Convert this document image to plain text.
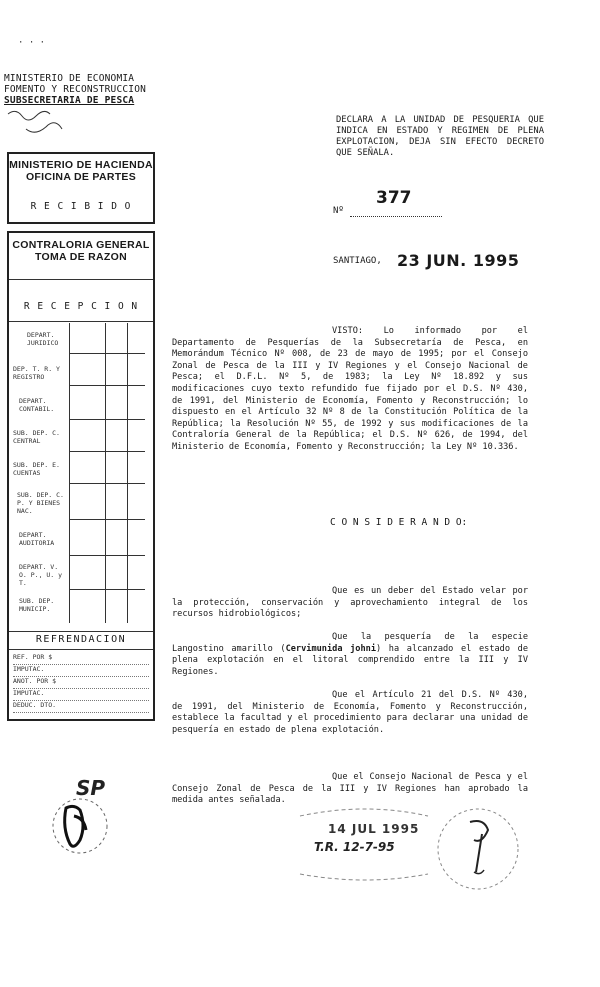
· · ·
MINISTERIO DE ECONOMIA
FOMENTO Y RECONSTRUCCION
SUBSECRETARIA DE PESCA
DECLARA A LA UNIDAD DE PESQUERIA QUE INDICA EN ESTADO Y REGIMEN DE PLENA EXPLOTACION, DEJA SIN EFECTO DECRETO QUE SEÑALA.
Nº
377
SANTIAGO, 23 JUN. 1995
MINISTERIO DE HACIENDA
OFICINA DE PARTES
R E C I B I D O
CONTRALORIA GENERAL
TOMA DE RAZON
R E C E P C I O N
DEPART. JURIDICO
DEP. T. R. Y REGISTRO
DEPART. CONTABIL.
SUB. DEP. C. CENTRAL
SUB. DEP. E. CUENTAS
SUB. DEP. C. P. Y BIENES NAC.
DEPART. AUDITORIA
DEPART. V. O. P., U. y T.
SUB. DEP. MUNICIP.
REFRENDACION
REF. POR $
IMPUTAC.
ANOT. POR $
IMPUTAC.
DEDUC. DTO.
VISTO: Lo informado por el Departamento de Pesquerías de la Subsecretaría de Pesca, en Memorándum Técnico Nº 008, de 23 de mayo de 1995; por el Consejo Zonal de Pesca de la III y IV Regiones y el Consejo Nacional de Pesca; el D.F.L. Nº 5, de 1983; la Ley Nº 18.892 y sus modificaciones cuyo texto refundido fue fijado por el D.S. Nº 430, de 1991, del Ministerio de Economía, Fomento y Reconstrucción; lo dispuesto en el Artículo 32 Nº 8 de la Constitución Política de la República; la Resolución Nº 55, de 1992 y sus modificaciones de la Contraloría General de la República; el D.S. Nº 626, de 1994, del Ministerio de Economía, Fomento y Reconstrucción; la Ley Nº 10.336.
C O N S I D E R A N D O:
Que es un deber del Estado velar por la protección, conservación y aprovechamiento integral de los recursos hidrobiológicos;
Que la pesquería de la especie Langostino amarillo (Cervimunida johni) ha alcanzado el estado de plena explotación en el litoral comprendido entre la III y IV Regiones.
Que el Artículo 21 del D.S. Nº 430, de 1991, del Ministerio de Economía, Fomento y Reconstrucción, establece la facultad y el procedimiento para declarar una unidad de pesquería en estado de plena explotación.
Que el Consejo Nacional de Pesca y el Consejo Zonal de Pesca de la III y IV Regiones han aprobado la medida antes señalada.
SP
14 JUL 1995
T.R. 12-7-95
